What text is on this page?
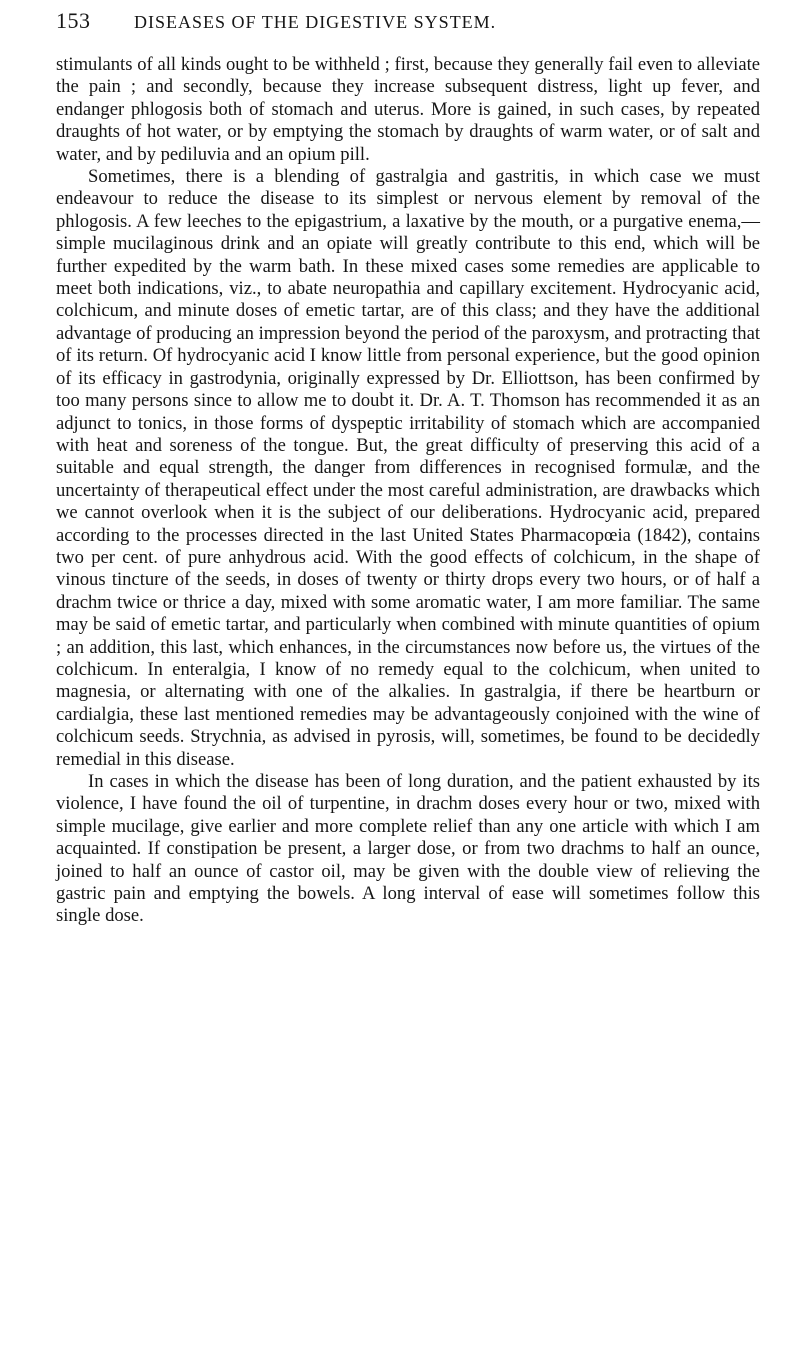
153	DISEASES OF THE DIGESTIVE SYSTEM.

stimulants of all kinds ought to be withheld ; first, because they generally fail even to alleviate the pain ; and secondly, because they increase subsequent distress, light up fever, and endanger phlogosis both of stomach and uterus. More is gained, in such cases, by repeated draughts of hot water, or by emptying the stomach by draughts of warm water, or of salt and water, and by pediluvia and an opium pill.

Sometimes, there is a blending of gastralgia and gastritis, in which case we must endeavour to reduce the disease to its simplest or nervous element by removal of the phlogosis. A few leeches to the epigastrium, a laxative by the mouth, or a purgative enema,— simple mucilaginous drink and an opiate will greatly contribute to this end, which will be further expedited by the warm bath. In these mixed cases some remedies are applicable to meet both indications, viz., to abate neuropathia and capillary excitement. Hydrocyanic acid, colchicum, and minute doses of emetic tartar, are of this class; and they have the additional advantage of producing an impression beyond the period of the paroxysm, and protracting that of its return. Of hydrocyanic acid I know little from personal experience, but the good opinion of its efficacy in gastrodynia, originally expressed by Dr. Elliottson, has been confirmed by too many persons since to allow me to doubt it. Dr. A. T. Thomson has recommended it as an adjunct to tonics, in those forms of dyspeptic irritability of stomach which are accompanied with heat and soreness of the tongue. But, the great difficulty of preserving this acid of a suitable and equal strength, the danger from differences in recognised formulæ, and the uncertainty of therapeutical effect under the most careful administration, are drawbacks which we cannot overlook when it is the subject of our deliberations. Hydrocyanic acid, prepared according to the processes directed in the last United States Pharmacopœia (1842), contains two per cent. of pure anhydrous acid. With the good effects of colchicum, in the shape of vinous tincture of the seeds, in doses of twenty or thirty drops every two hours, or of half a drachm twice or thrice a day, mixed with some aromatic water, I am more familiar. The same may be said of emetic tartar, and particularly when combined with minute quantities of opium ; an addition, this last, which enhances, in the circumstances now before us, the virtues of the colchicum. In enteralgia, I know of no remedy equal to the colchicum, when united to magnesia, or alternating with one of the alkalies. In gastralgia, if there be heartburn or cardialgia, these last mentioned remedies may be advantageously conjoined with the wine of colchicum seeds. Strychnia, as advised in pyrosis, will, sometimes, be found to be decidedly remedial in this disease.

In cases in which the disease has been of long duration, and the patient exhausted by its violence, I have found the oil of turpentine, in drachm doses every hour or two, mixed with simple mucilage, give earlier and more complete relief than any one article with which I am acquainted. If constipation be present, a larger dose, or from two drachms to half an ounce, joined to half an ounce of castor oil, may be given with the double view of relieving the gastric pain and emptying the bowels. A long interval of ease will sometimes follow this single dose.
